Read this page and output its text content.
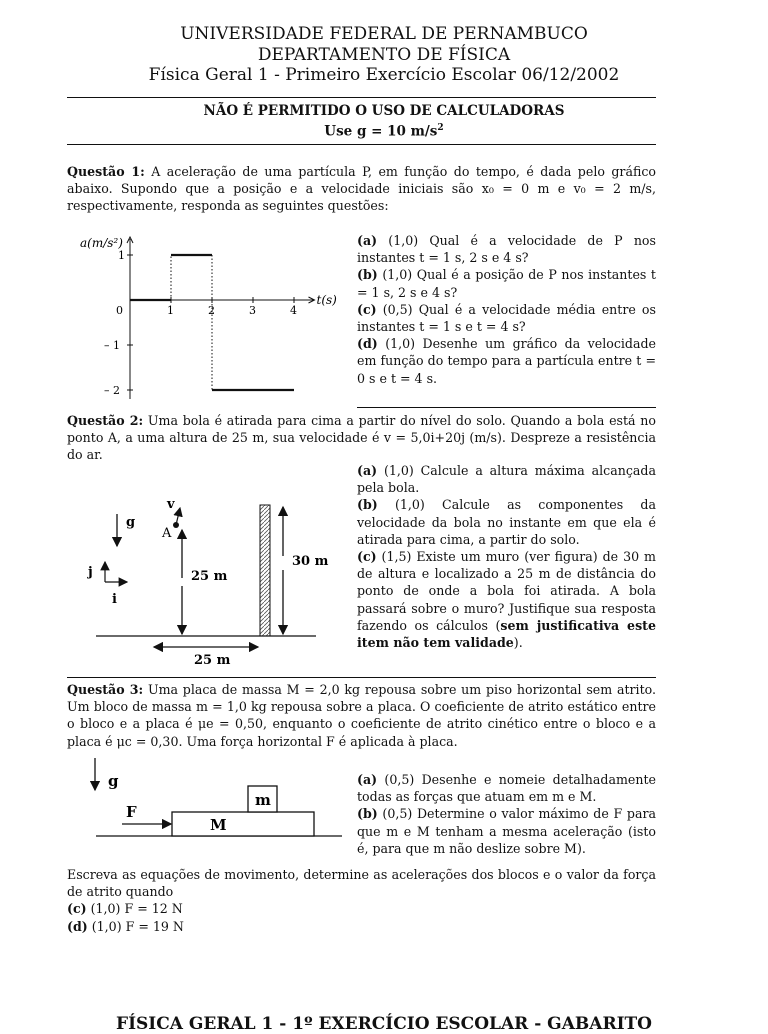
UNIVERSIDADE FEDERAL DE PERNAMBUCO
DEPARTAMENTO DE FÍSICA
Física Geral 1 - Primeiro Exercício Escolar 06/12/2002
NÃO É PERMITIDO O USO DE CALCULADORAS
Use g = 10 $m/s^2$
Questão 1: A aceleração de uma partícula P, em função do tempo, é dada pelo gráfico abaixo. Supondo que a posição e a velocidade iniciais são x₀ = 0 m e v₀ = 2 m/s, respectivamente, responda as seguintes questões:
a(m/s²)
t(s)
0	1	2	3	4
1
– 1
– 2
(a) (1,0) Qual é a velocidade de P nos instantes t = 1 s, 2 s e 4 s?
(b) (1,0) Qual é a posição de P nos instantes t = 1 s, 2 s e 4 s?
(c) (0,5) Qual é a velocidade média entre os instantes t = 1 s e t = 4 s?
(d) (1,0) Desenhe um gráfico da velocidade em função do tempo para a partícula entre t = 0 s e t = 4 s.
Questão 2: Uma bola é atirada para cima a partir do nível do solo. Quando a bola está no ponto A, a uma altura de 25 m, sua velocidade é v = 5,0i+20j (m/s). Despreze a resistência do ar.
g
j
i
A
v
25 m
30 m
25 m
(a) (1,0) Calcule a altura máxima alcançada pela bola.
(b) (1,0) Calcule as componentes da velocidade da bola no instante em que ela é atirada para cima, a partir do solo.
(c) (1,5) Existe um muro (ver figura) de 30 m de altura e localizado a 25 m de distância do ponto de onde a bola foi atirada. A bola passará sobre o muro? Justifique sua resposta fazendo os cálculos (sem justificativa este item não tem validade).
Questão 3: Uma placa de massa M = 2,0 kg repousa sobre um piso horizontal sem atrito. Um bloco de massa m = 1,0 kg repousa sobre a placa. O coeficiente de atrito estático entre o bloco e a placa é μe = 0,50, enquanto o coeficiente de atrito cinético entre o bloco e a placa é μc = 0,30. Uma força horizontal F é aplicada à placa.
g
M
m
F
(a) (0,5) Desenhe e nomeie detalhadamente todas as forças que atuam em m e M.
(b) (0,5) Determine o valor máximo de F para que m e M tenham a mesma aceleração (isto é, para que m não deslize sobre M).
Escreva as equações de movimento, determine as acelerações dos blocos e o valor da força de atrito quando
(c) (1,0) F = 12 N
(d) (1,0) F = 19 N
FÍSICA GERAL 1 - 1º EXERCÍCIO ESCOLAR - GABARITO
